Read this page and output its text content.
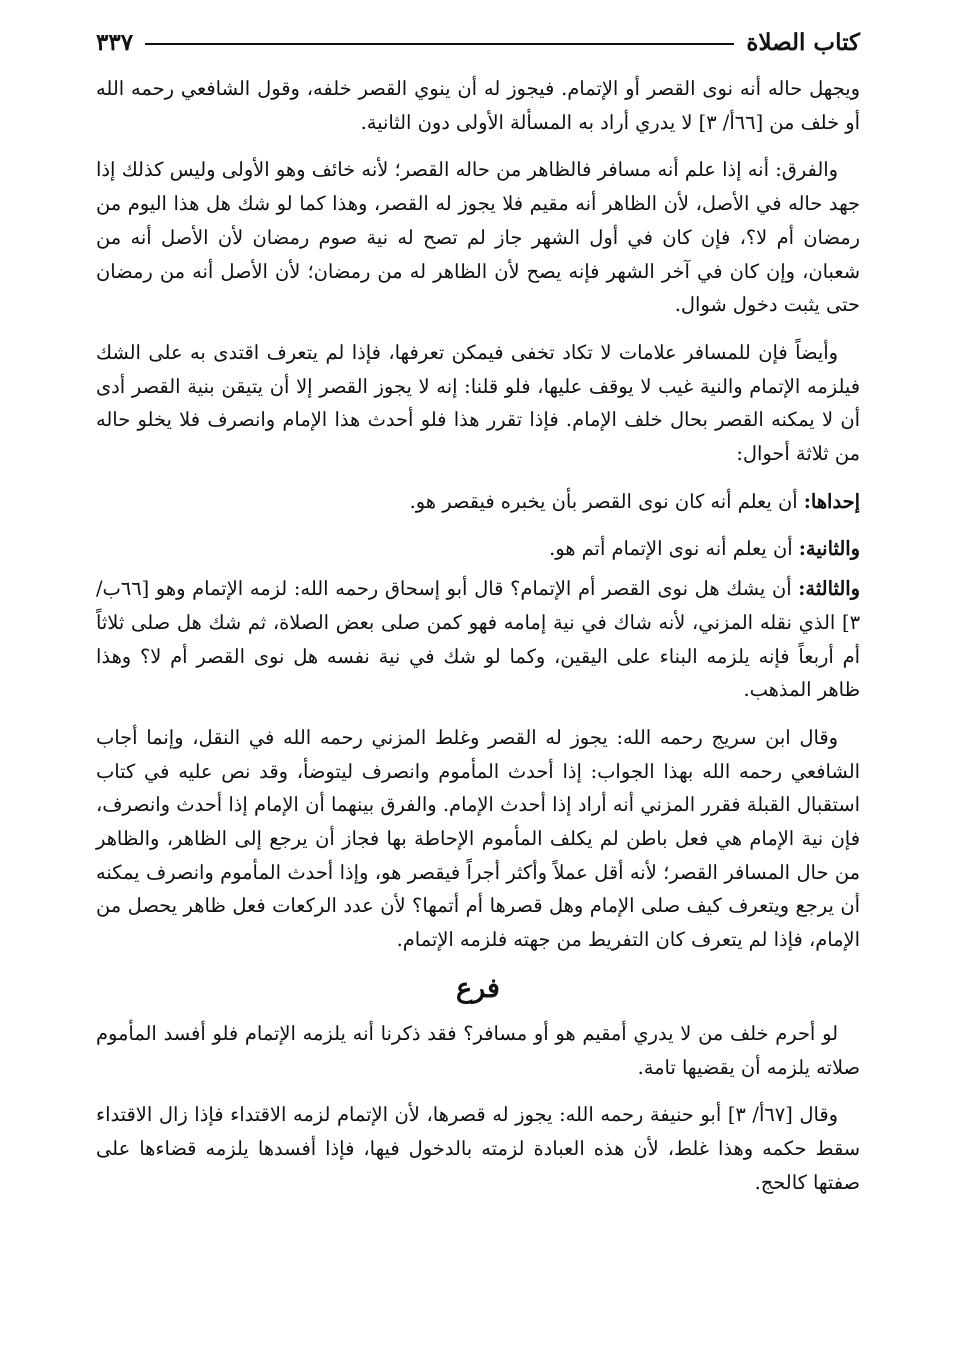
كتاب الصلاة
٣٣٧

ويجهل حاله أنه نوى القصر أو الإتمام. فيجوز له أن ينوي القصر خلفه، وقول الشافعي رحمه الله أو خلف من [٦٦أ/ ٣] لا يدري أراد به المسألة الأولى دون الثانية.

والفرق: أنه إذا علم أنه مسافر فالظاهر من حاله القصر؛ لأنه خائف وهو الأولى وليس كذلك إذا جهد حاله في الأصل، لأن الظاهر أنه مقيم فلا يجوز له القصر، وهذا كما لو شك هل هذا اليوم من رمضان أم لا؟، فإن كان في أول الشهر جاز لم تصح له نية صوم رمضان لأن الأصل أنه من شعبان، وإن كان في آخر الشهر فإنه يصح لأن الظاهر له من رمضان؛ لأن الأصل أنه من رمضان حتى يثبت دخول شوال.

وأيضاً فإن للمسافر علامات لا تكاد تخفى فيمكن تعرفها، فإذا لم يتعرف اقتدى به على الشك فيلزمه الإتمام والنية غيب لا يوقف عليها، فلو قلنا: إنه لا يجوز القصر إلا أن يتيقن بنية القصر أدى أن لا يمكنه القصر بحال خلف الإمام. فإذا تقرر هذا فلو أحدث هذا الإمام وانصرف فلا يخلو حاله من ثلاثة أحوال:

إحداها: أن يعلم أنه كان نوى القصر بأن يخبره فيقصر هو.

والثانية: أن يعلم أنه نوى الإتمام أتم هو.

والثالثة: أن يشك هل نوى القصر أم الإتمام؟ قال أبو إسحاق رحمه الله: لزمه الإتمام وهو [٦٦ب/ ٣] الذي نقله المزني، لأنه شاك في نية إمامه فهو كمن صلى بعض الصلاة، ثم شك هل صلى ثلاثاً أم أربعاً فإنه يلزمه البناء على اليقين، وكما لو شك في نية نفسه هل نوى القصر أم لا؟ وهذا ظاهر المذهب.

وقال ابن سريج رحمه الله: يجوز له القصر وغلط المزني رحمه الله في النقل، وإنما أجاب الشافعي رحمه الله بهذا الجواب: إذا أحدث المأموم وانصرف ليتوضأ، وقد نص عليه في كتاب استقبال القبلة فقرر المزني أنه أراد إذا أحدث الإمام. والفرق بينهما أن الإمام إذا أحدث وانصرف، فإن نية الإمام هي فعل باطن لم يكلف المأموم الإحاطة بها فجاز أن يرجع إلى الظاهر، والظاهر من حال المسافر القصر؛ لأنه أقل عملاً وأكثر أجراً فيقصر هو، وإذا أحدث المأموم وانصرف يمكنه أن يرجع ويتعرف كيف صلى الإمام وهل قصرها أم أتمها؟ لأن عدد الركعات فعل ظاهر يحصل من الإمام، فإذا لم يتعرف كان التفريط من جهته فلزمه الإتمام.

فرع

لو أحرم خلف من لا يدري أمقيم هو أو مسافر؟ فقد ذكرنا أنه يلزمه الإتمام فلو أفسد المأموم صلاته يلزمه أن يقضيها تامة.

وقال [٦٧أ/ ٣] أبو حنيفة رحمه الله: يجوز له قصرها، لأن الإتمام لزمه الاقتداء فإذا زال الاقتداء سقط حكمه وهذا غلط، لأن هذه العبادة لزمته بالدخول فيها، فإذا أفسدها يلزمه قضاءها على صفتها كالحج.
